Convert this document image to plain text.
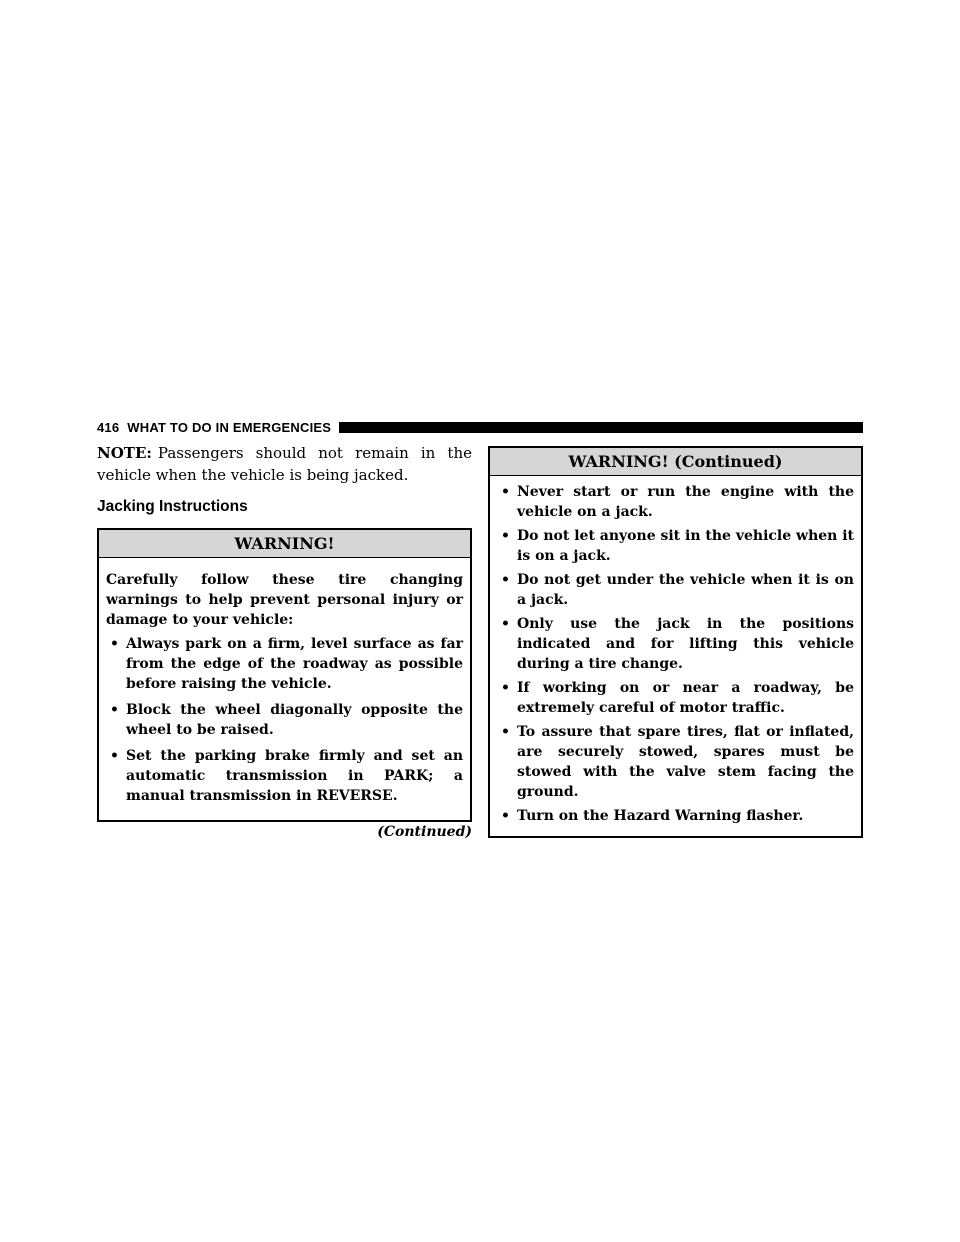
416 WHAT TO DO IN EMERGENCIES

NOTE: Passengers should not remain in the vehicle when the vehicle is being jacked.

Jacking Instructions
WARNING!

Carefully follow these tire changing warnings to help prevent personal injury or damage to your vehicle:

• Always park on a firm, level surface as far from the edge of the roadway as possible before raising the vehicle.
• Block the wheel diagonally opposite the wheel to be raised.
• Set the parking brake firmly and set an automatic transmission in PARK; a manual transmission in REVERSE.
(Continued)
WARNING! (Continued)
• Never start or run the engine with the vehicle on a jack.
• Do not let anyone sit in the vehicle when it is on a jack.
• Do not get under the vehicle when it is on a jack.
• Only use the jack in the positions indicated and for lifting this vehicle during a tire change.
• If working on or near a roadway, be extremely careful of motor traffic.
• To assure that spare tires, flat or inflated, are securely stowed, spares must be stowed with the valve stem facing the ground.
• Turn on the Hazard Warning flasher.
